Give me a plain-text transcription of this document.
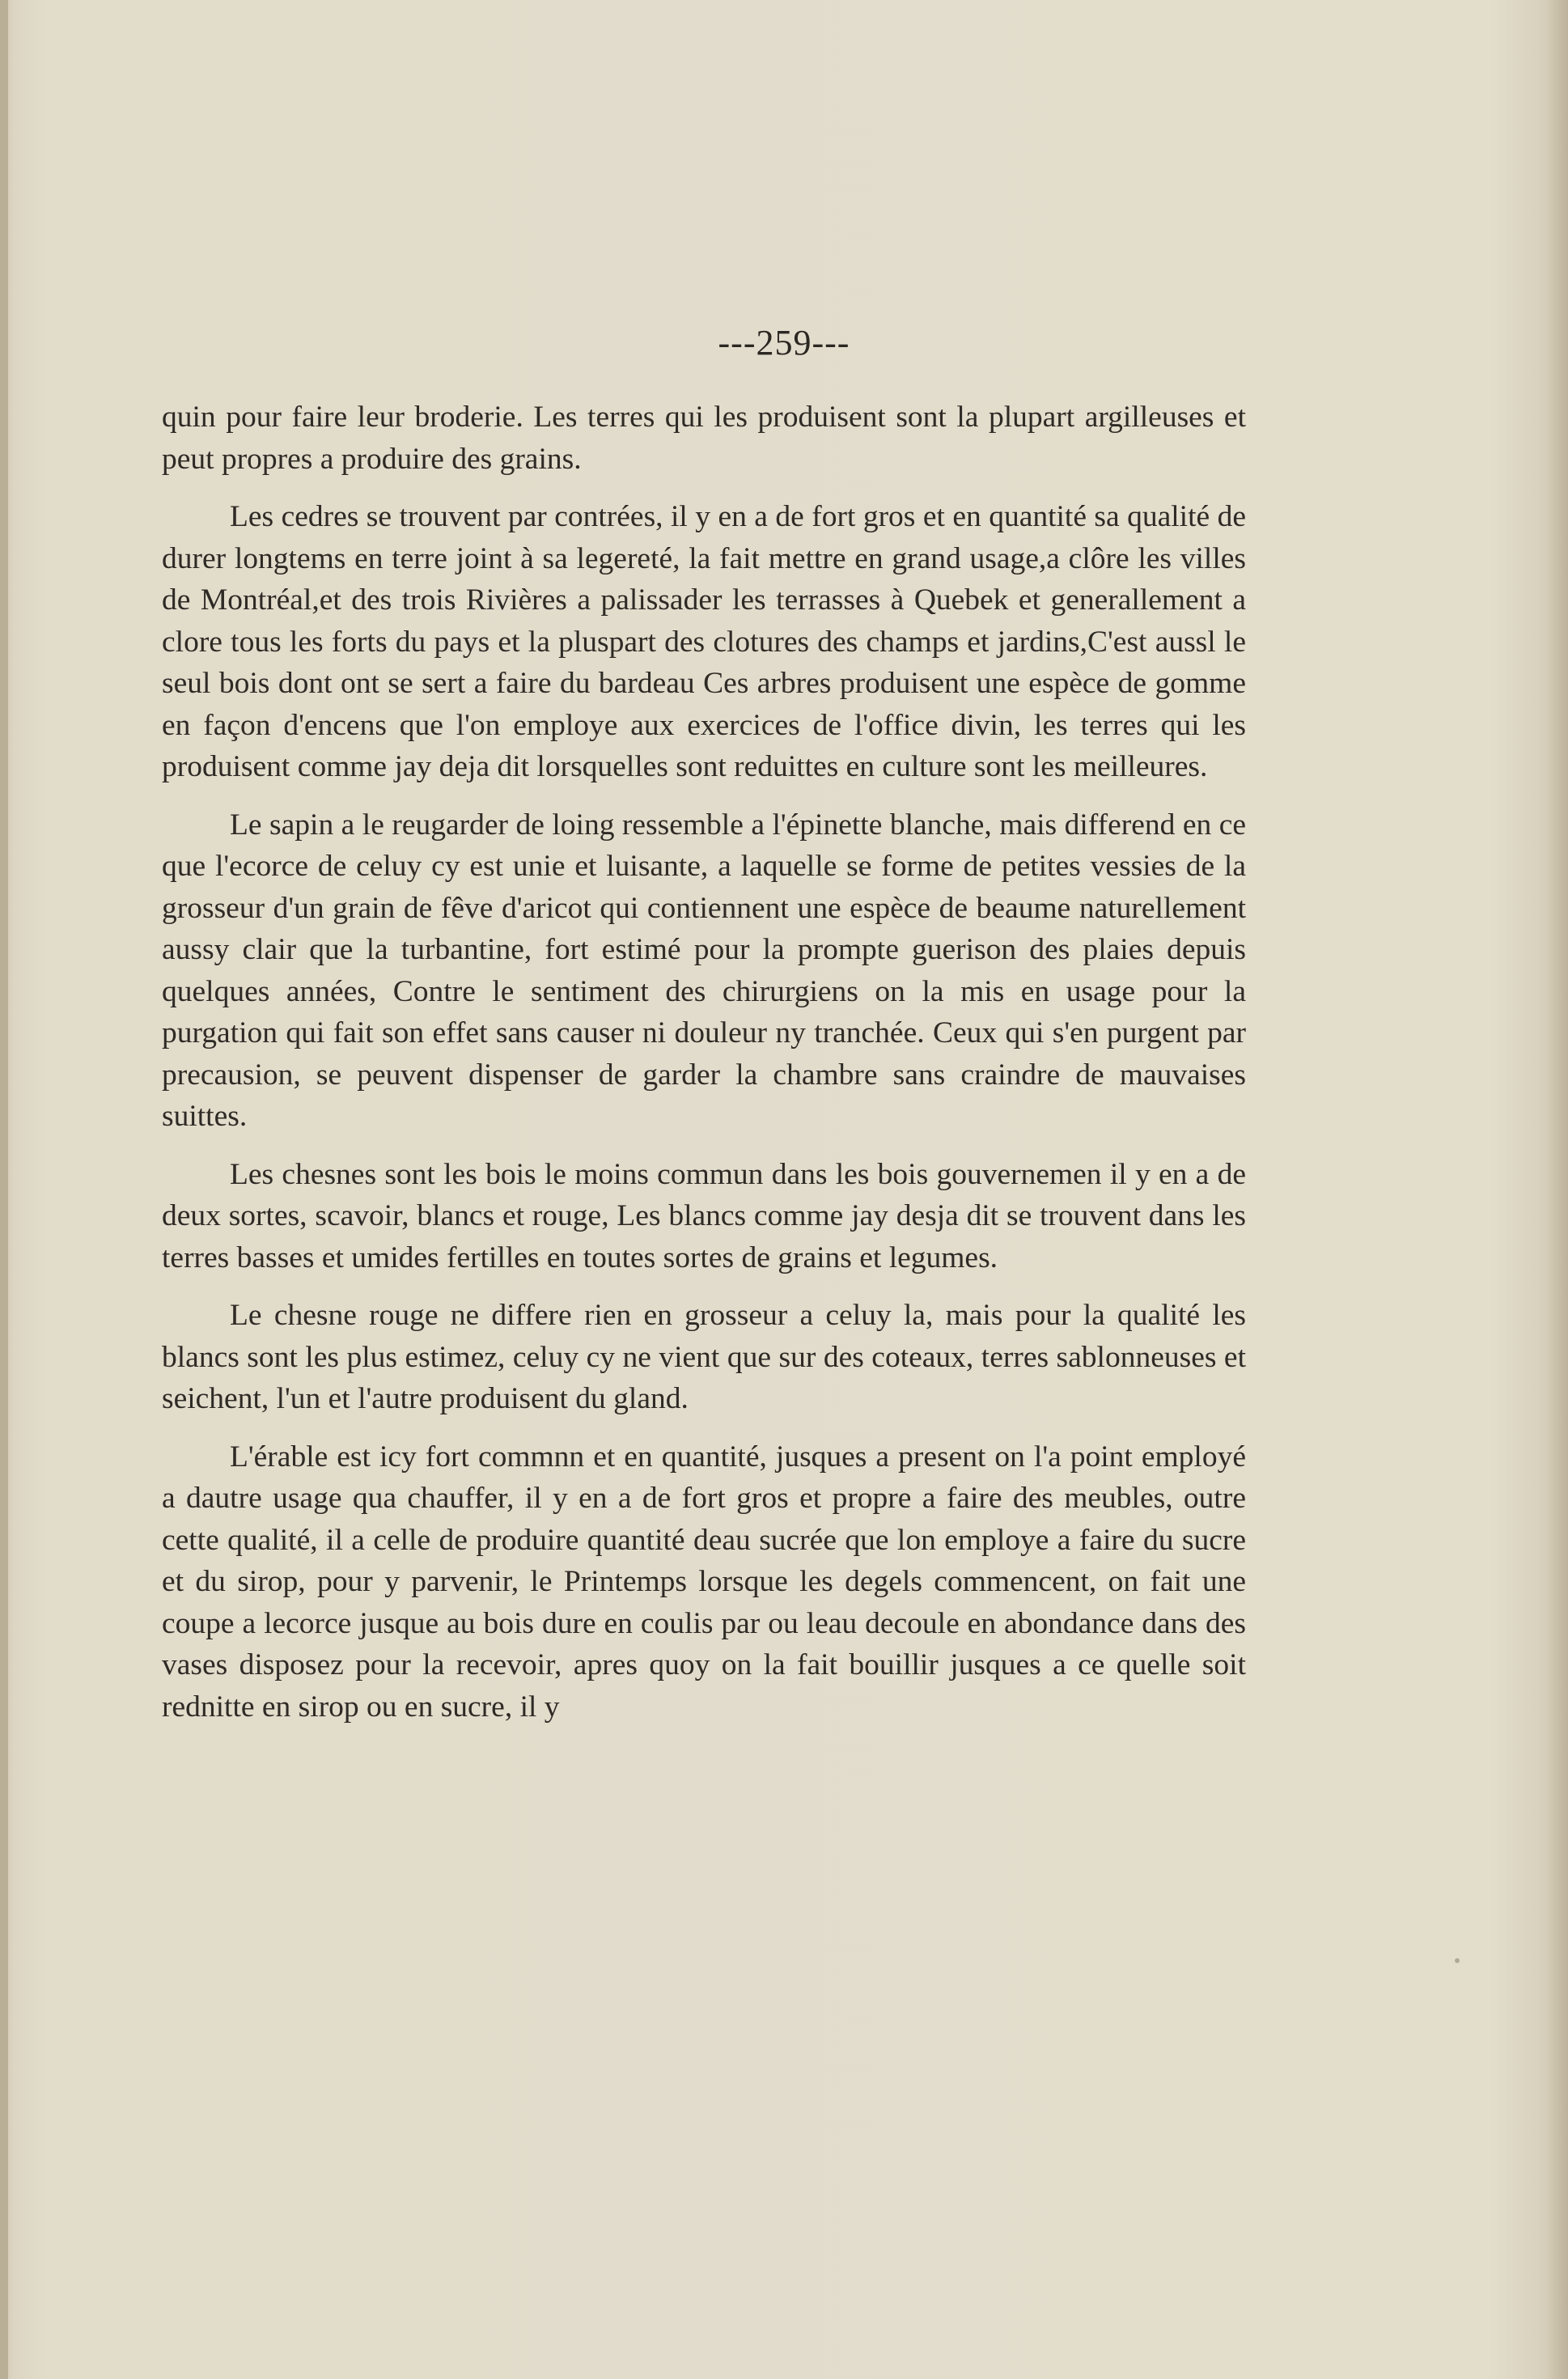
---259---

quin pour faire leur broderie. Les terres qui les produisent sont la plupart argilleuses et peut propres a produire des grains.

Les cedres se trouvent par contrées, il y en a de fort gros et en quantité sa qualité de durer longtems en terre joint à sa legereté, la fait mettre en grand usage,a clôre les villes de Montréal,et des trois Rivières a palissader les terrasses à Quebek et generallement a clore tous les forts du pays et la pluspart des clotures des champs et jardins,C'est aussl le seul bois dont ont se sert a faire du bardeau Ces arbres produisent une espèce de gomme en façon d'encens que l'on employe aux exercices de l'office divin, les terres qui les produisent comme jay deja dit lorsquelles sont reduittes en culture sont les meilleures.

Le sapin a le reugarder de loing ressemble a l'épinette blanche, mais differend en ce que l'ecorce de celuy cy est unie et luisante, a laquelle se forme de petites vessies de la grosseur d'un grain de fêve d'aricot qui contiennent une espèce de beaume naturellement aussy clair que la turbantine, fort estimé pour la prompte guerison des plaies depuis quelques années, Contre le sentiment des chirurgiens on la mis en usage pour la purgation qui fait son effet sans causer ni douleur ny tranchée. Ceux qui s'en purgent par precausion, se peuvent dispenser de garder la chambre sans craindre de mauvaises suittes.

Les chesnes sont les bois le moins commun dans les bois gouvernemen il y en a de deux sortes, scavoir, blancs et rouge, Les blancs comme jay desja dit se trouvent dans les terres basses et umides fertilles en toutes sortes de grains et legumes.

Le chesne rouge ne differe rien en grosseur a celuy la, mais pour la qualité les blancs sont les plus estimez, celuy cy ne vient que sur des coteaux, terres sablonneuses et seichent, l'un et l'autre produisent du gland.

L'érable est icy fort commnn et en quantité, jusques a present on l'a point employé a dautre usage qua chauffer, il y en a de fort gros et propre a faire des meubles, outre cette qualité, il a celle de produire quantité deau sucrée que lon employe a faire du sucre et du sirop, pour y parvenir, le Printemps lorsque les degels commencent, on fait une coupe a lecorce jusque au bois dure en coulis par ou leau decoule en abondance dans des vases disposez pour la recevoir, apres quoy on la fait bouillir jusques a ce quelle soit rednitte en sirop ou en sucre, il y
